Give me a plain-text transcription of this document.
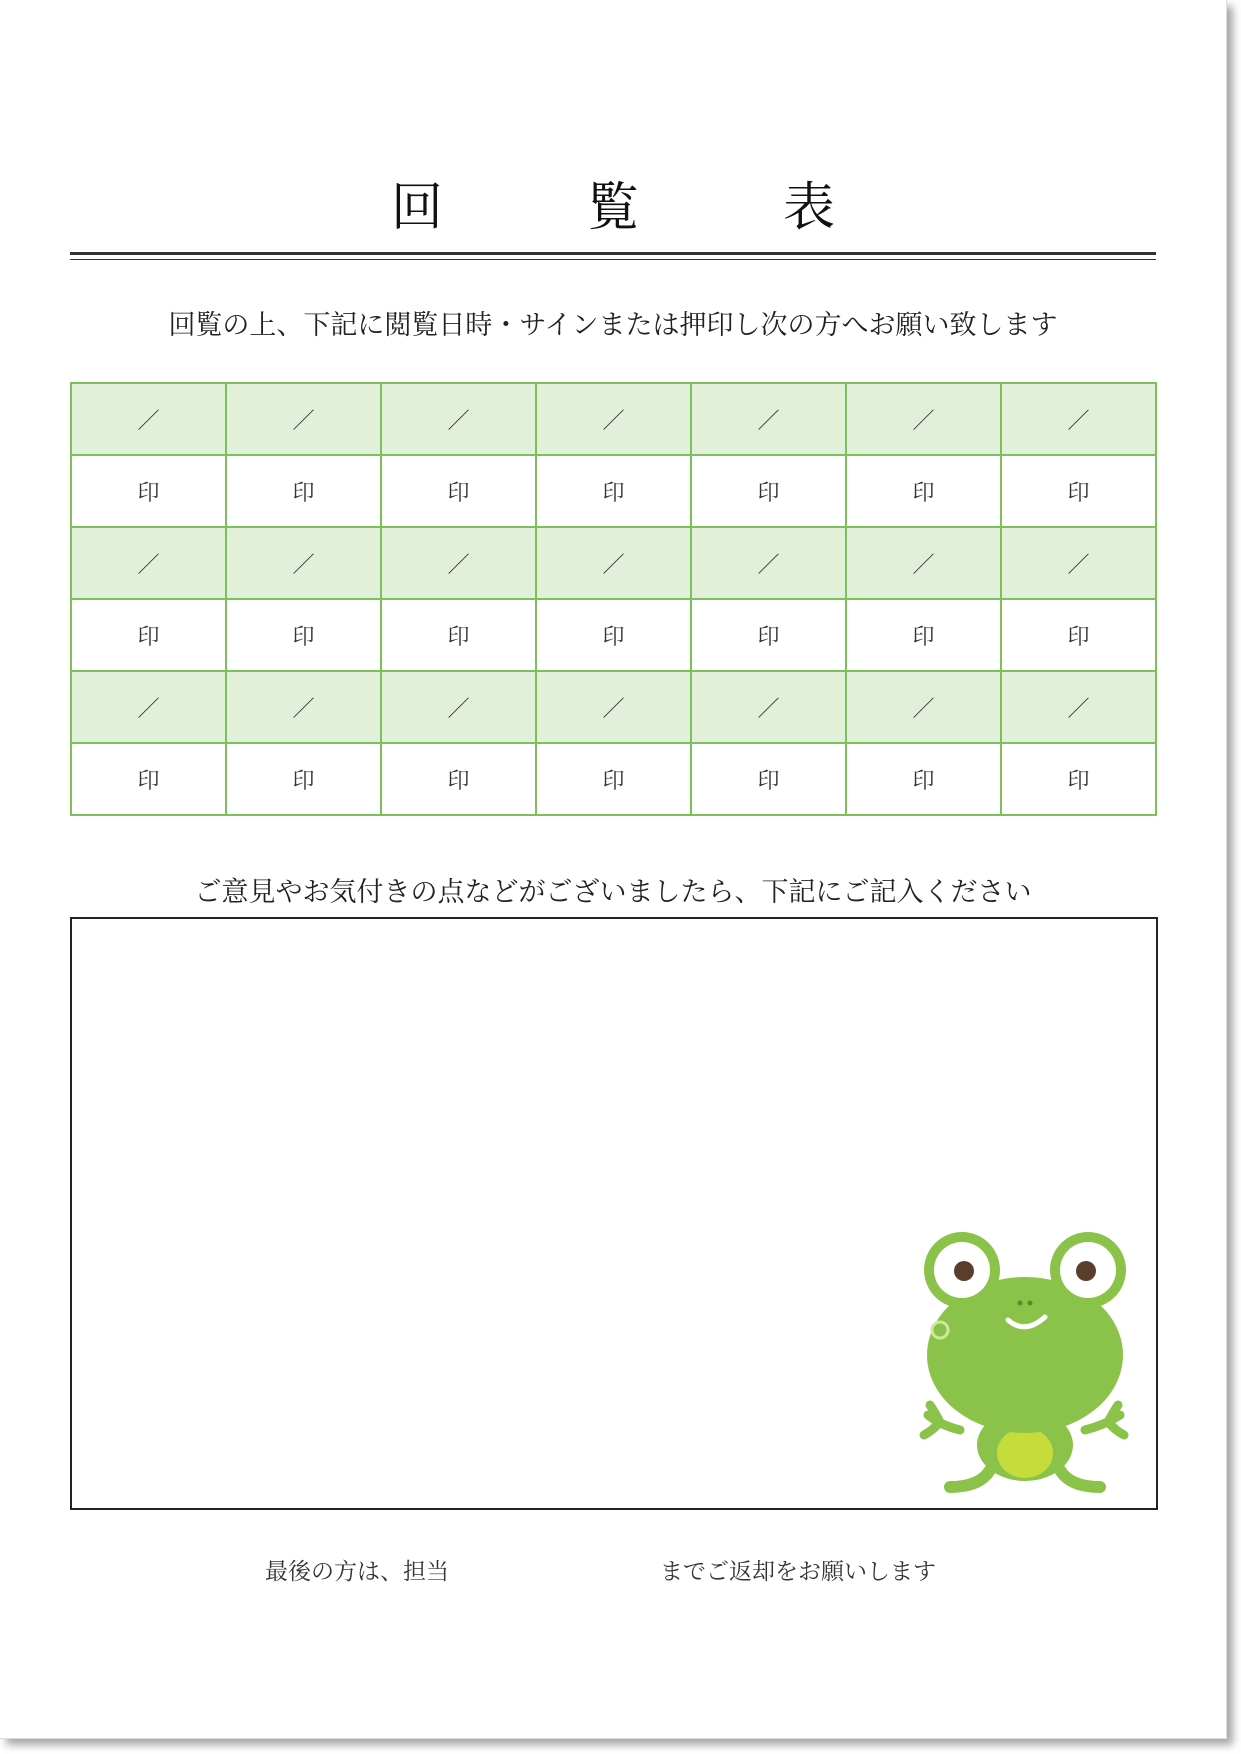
回　覧　表
回覧の上、下記に閲覧日時・サインまたは押印し次の方へお願い致します
／	／	／	／	／	／	／
印	印	印	印	印	印	印
／	／	／	／	／	／	／
印	印	印	印	印	印	印
／	／	／	／	／	／	／
印	印	印	印	印	印	印
ご意見やお気付きの点などがございましたら、下記にご記入ください
最後の方は、担当	までご返却をお願いします
